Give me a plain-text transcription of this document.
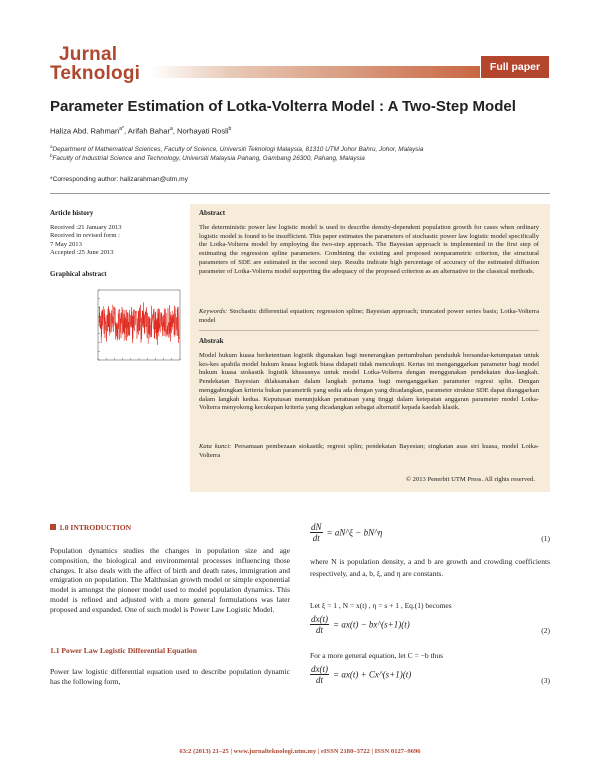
Jurnal
Teknologi	Full paper
Parameter Estimation of Lotka-Volterra Model : A Two-Step Model
Haliza Abd. Rahman$^{a*}$, Arifah Bahar$^a$, Norhayati Rosli$^b$
$^a$Department of Mathematical Sciences, Faculty of Science, Universiti Teknologi Malaysia, 81310 UTM Johor Bahru, Johor, Malaysia
$^b$Faculty of Industrial Science and Technology, Universiti Malaysia Pahang, Gambang 26300, Pahang, Malaysia
*Corresponding author: halizarahman@utm.my
Article history
Received :21 January 2013
Received in revised form :
7 May 2013
Accepted :25 June 2013
Graphical abstract
Abstract
The deterministic power law logistic model is used to describe density-dependent population growth for cases when ordinary logistic model is found to be insufficient. This paper estimates the parameters of stochastic power law logistic model specifically the Lotka-Volterra model by employing the two-step approach. The Bayesian approach is implemented in the first step of estimating the regression spline parameters. Combining the existing and proposed nonparametric criterion, the structural parameters of SDE are estimated in the second step. Results indicate high percentage of accuracy of the estimated diffusion parameter of Lotka-Volterra model supporting the adequacy of the proposed criterion as an alternative to the classical methods.
Keywords: Stochastic differential equation; regression spline; Bayesian approach; truncated power series basis; Lotka-Volterra model
Abstrak
Model hukum kuasa berketentuan logistik digunakan bagi menerangkan pertumbuhan penduduk bersandar-ketumpatan untuk kes-kes apabila model hukum kuasa logistik biasa didapati tidak mencukupi. Kertas ini menganggarkan parameter bagi model hukum kuasa stokastik logistik khususnya untuk model Lotka-Volterra dengan menggunakan pendekatan dua-langkah. Pendekatan Bayesian dilaksanakan dalam langkah pertama bagi menganggarkan parameter regresi splin. Dengan menggabungkan kriteria bukan parametrik yang sedia ada dengan yang dicadangkan, parameter struktur SDE dapat dianggarkan dalam langkah kedua. Keputusan menunjukkan peratusan yang tinggi dalam ketepatan anggaran parameter model Lotka-Volterra menyokong kecukupan kriteria yang dicadangkan sebagai alternatif kepada kaedah klasik.
Kata kunci: Persamaan pembezaan stokastik; regresi splin; pendekatan Bayesian; singkatan asas siri kuasa, model Lotka-Volterra
© 2013 Penerbit UTM Press. All rights reserved.
1.0 INTRODUCTION
Population dynamics studies the changes in population size and age composition, the biological and environmental processes influencing those changes. It also deals with the affect of birth and death rates, immigration and emigration on population. The Malthusian growth model or simple exponential model is amongst the pioneer model used to model population dynamics. This model is refined and adjusted with a more general formulations was later proposed and expanded. One of such model is Power Law Logistic Model.
1.1 Power Law Logistic Differential Equation
Power law logistic differential equation used to describe population dynamic has the following form,
$\frac{dN}{dt}$ = aN^ξ − bN^η
(1)
where N is population density, a and b are growth and crowding coefficients respectively, and a, b, ξ, and η are constants.
Let ξ = 1 , N = x(t) , η = s + 1 , Eq.(1) becomes
$\frac{dx(t)}{dt} = ax(t)$ − bx^(s+1)(t)
(2)
For a more general equation, let C = −b thus
$\frac{dx(t)}{dt} = ax(t)$ + Cx^(s+1)(t)
(3)
63:2 (2013) 21–25 | www.jurnalteknologi.utm.my | eISSN 2180–3722 | ISSN 0127–9696
